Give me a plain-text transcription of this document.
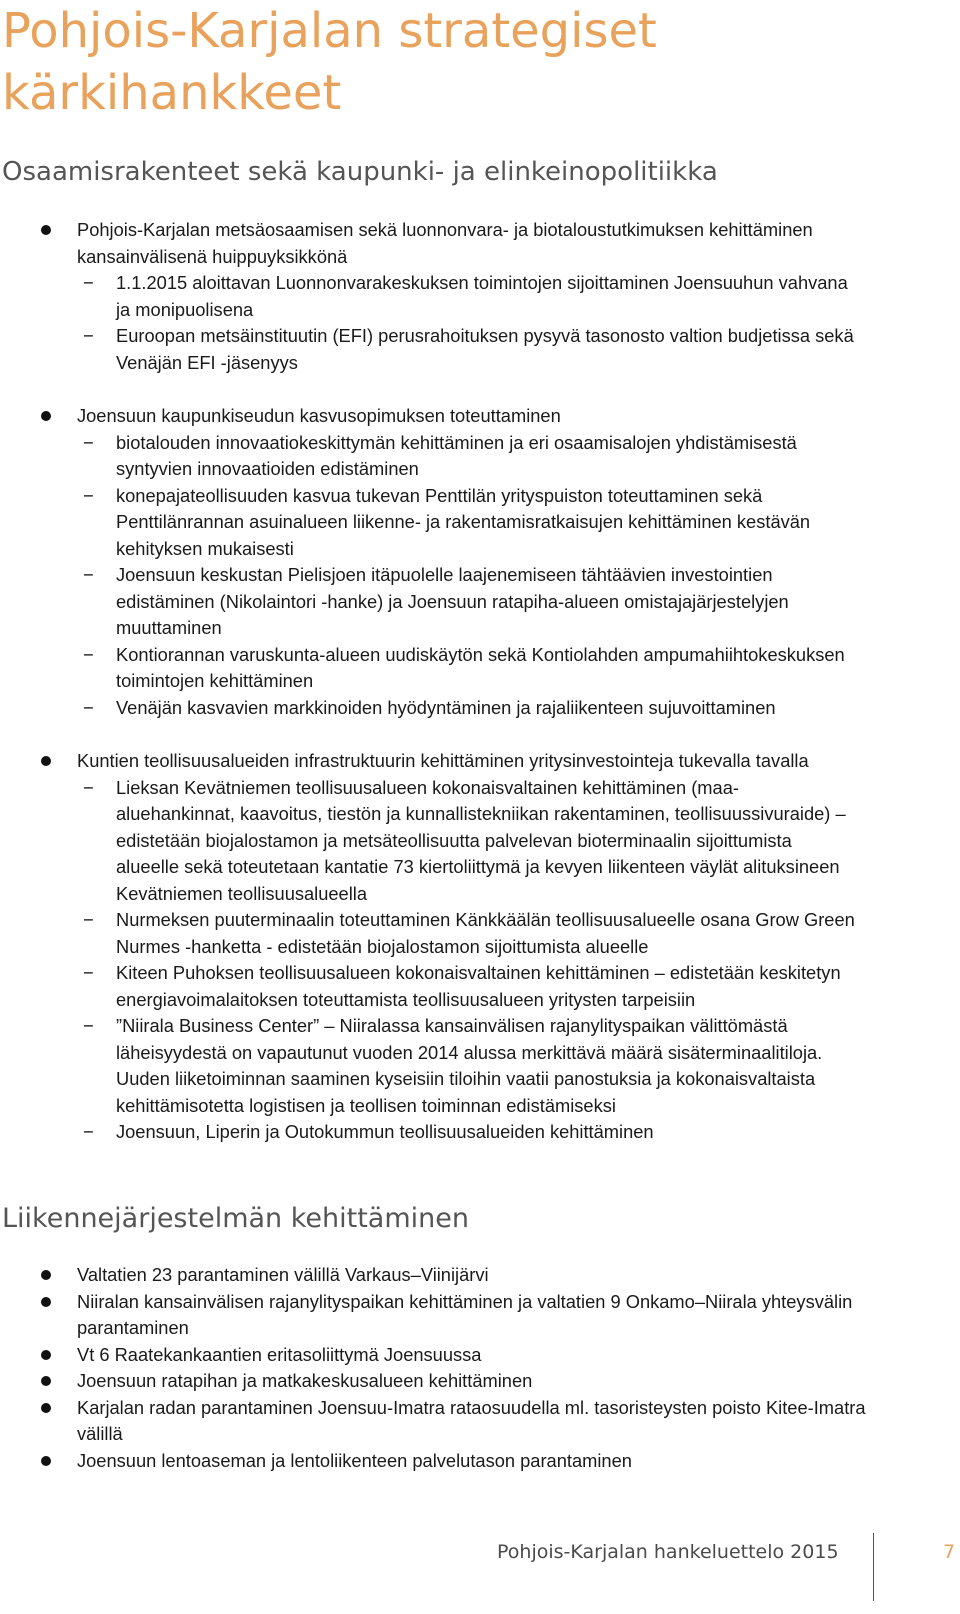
Pohjois-Karjalan strategiset kärkihankkeet
Osaamisrakenteet sekä kaupunki- ja elinkeinopolitiikka
Pohjois-Karjalan metsäosaamisen sekä luonnonvara- ja biotaloustutkimuksen kehittäminen kansainvälisenä huippuyksikkönä
− 1.1.2015 aloittavan Luonnonvarakeskuksen toimintojen sijoittaminen Joensuuhun vahvana ja monipuolisena
− Euroopan metsäinstituutin (EFI) perusrahoituksen pysyvä tasonosto valtion budjetissa sekä Venäjän EFI -jäsenyys
Joensuun kaupunkiseudun kasvusopimuksen toteuttaminen
− biotalouden innovaatiokeskittymän kehittäminen ja eri osaamisalojen yhdistämisestä syntyvien innovaatioiden edistäminen
− konepajateollisuuden kasvua tukevan Penttilän yrityspuiston toteuttaminen sekä Penttilänrannan asuinalueen liikenne- ja rakentamisratkaisujen kehittäminen kestävän kehityksen mukaisesti
− Joensuun keskustan Pielisjoen itäpuolelle laajenemiseen tähtäävien investointien edistäminen (Nikolaintori -hanke) ja Joensuun ratapiha-alueen omistajajärjestelyjen muuttaminen
− Kontiorannan varuskunta-alueen uudiskäytön sekä Kontiolahden ampumahiihtokeskuksen toimintojen kehittäminen
− Venäjän kasvavien markkinoiden hyödyntäminen ja rajaliikenteen sujuvoittaminen
Kuntien teollisuusalueiden infrastruktuurin kehittäminen yritysinvestointeja tukevalla tavalla
− Lieksan Kevätniemen teollisuusalueen kokonaisvaltainen kehittäminen (maa-aluehankinnat, kaavoitus, tiestön ja kunnallistekniikan rakentaminen, teollisuussivuraide) – edistetään biojalostamon ja metsäteollisuutta palvelevan bioterminaalin sijoittumista alueelle sekä toteutetaan kantatie 73 kiertoliittymä ja kevyen liikenteen väylät alituksineen Kevätniemen teollisuusalueella
− Nurmeksen puuterminaalin toteuttaminen Känkkäälän teollisuusalueelle osana Grow Green Nurmes -hanketta - edistetään biojalostamon sijoittumista alueelle
− Kiteen Puhoksen teollisuusalueen kokonaisvaltainen kehittäminen – edistetään keskitetyn energiavoimalaitoksen toteuttamista teollisuusalueen yritysten tarpeisiin
− ”Niirala Business Center” – Niiralassa kansainvälisen rajanylityspaikan välittömästä läheisyydestä on vapautunut vuoden 2014 alussa merkittävä määrä sisäterminaalitiloja. Uuden liiketoiminnan saaminen kyseisiin tiloihin vaatii panostuksia ja kokonaisvaltaista kehittämisotetta logistisen ja teollisen toiminnan edistämiseksi
− Joensuun, Liperin ja Outokummun teollisuusalueiden kehittäminen
Liikennejärjestelmän kehittäminen
Valtatien 23 parantaminen välillä Varkaus–Viinijärvi
Niiralan kansainvälisen rajanylityspaikan kehittäminen ja valtatien 9 Onkamo–Niirala yhteysvälin parantaminen
Vt 6 Raatekankaantien eritasoliittymä Joensuussa
Joensuun ratapihan ja matkakeskusalueen kehittäminen
Karjalan radan parantaminen Joensuu-Imatra rataosuudella ml. tasoristeysten poisto Kitee-Imatra välillä
Joensuun lentoaseman ja lentoliikenteen palvelutason parantaminen
Pohjois-Karjalan hankeluettelo 2015	7
